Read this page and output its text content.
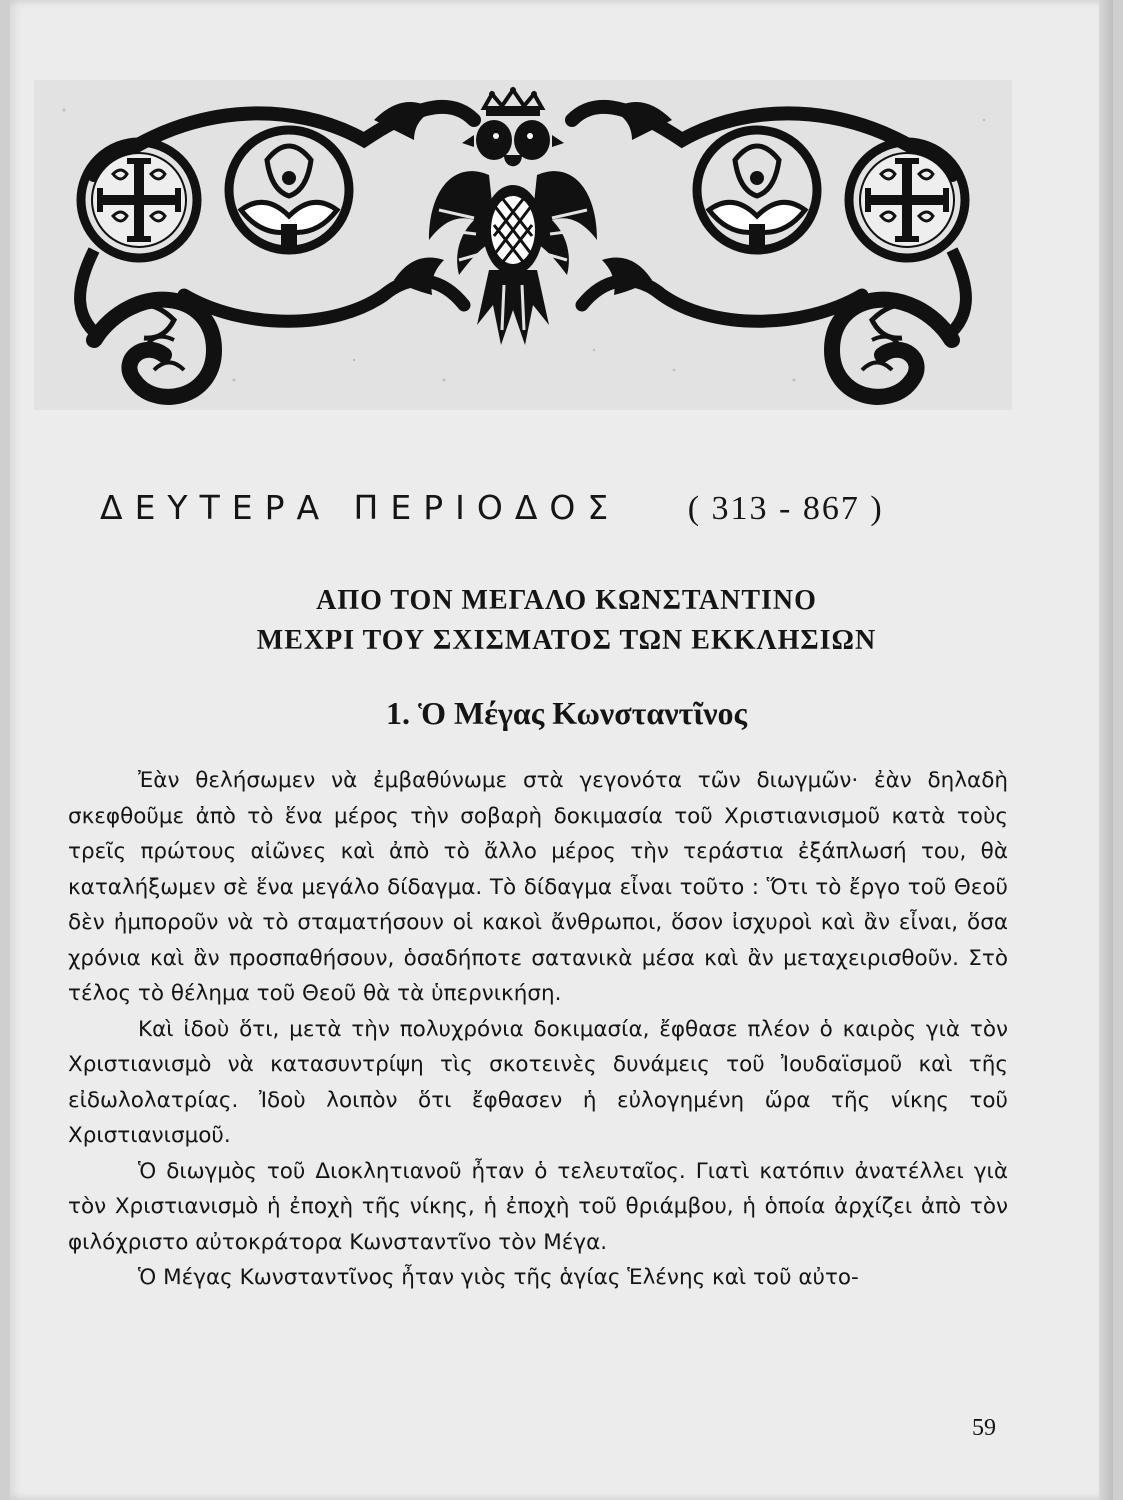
ΔΕΥΤΕΡΑ ΠΕΡΙΟΔΟΣ ( 313 - 867 )
ΑΠΟ ΤΟΝ ΜΕΓΑΛΟ ΚΩΝΣΤΑΝΤΙΝΟ
ΜΕΧΡΙ ΤΟΥ ΣΧΙΣΜΑΤΟΣ ΤΩΝ ΕΚΚΛΗΣΙΩΝ
1. Ὁ Μέγας Κωνσταντῖνος

Ἐὰν θελήσωμεν νὰ ἐμβαθύνωμε στὰ γεγονότα τῶν διωγμῶν· ἐὰν δηλαδὴ σκεφθοῦμε ἀπὸ τὸ ἕνα μέρος τὴν σοβαρὴ δοκιμασία τοῦ Χριστιανισμοῦ κατὰ τοὺς τρεῖς πρώτους αἰῶνες καὶ ἀπὸ τὸ ἄλλο μέρος τὴν τεράστια ἐξάπλωσή του, θὰ καταλήξωμεν σὲ ἕνα μεγάλο δίδαγμα. Τὸ δίδαγμα εἶναι τοῦτο : Ὅτι τὸ ἔργο τοῦ Θεοῦ δὲν ἠμποροῦν νὰ τὸ σταματήσουν οἱ κακοὶ ἄνθρωποι, ὅσον ἰσχυροὶ καὶ ἂν εἶναι, ὅσα χρόνια καὶ ἂν προσπαθήσουν, ὁσαδήποτε σατανικὰ μέσα καὶ ἂν μεταχειρισθοῦν. Στὸ τέλος τὸ θέλημα τοῦ Θεοῦ θὰ τὰ ὑπερνικήση.

Καὶ ἰδοὺ ὅτι, μετὰ τὴν πολυχρόνια δοκιμασία, ἔφθασε πλέον ὁ καιρὸς γιὰ τὸν Χριστιανισμὸ νὰ κατασυντρίψη τὶς σκοτεινὲς δυνάμεις τοῦ Ἰουδαϊσμοῦ καὶ τῆς εἰδωλολατρίας. Ἰδοὺ λοιπὸν ὅτι ἔφθασεν ἡ εὐλογημένη ὥρα τῆς νίκης τοῦ Χριστιανισμοῦ.

Ὁ διωγμὸς τοῦ Διοκλητιανοῦ ἦταν ὁ τελευταῖος. Γιατὶ κατόπιν ἀνατέλλει γιὰ τὸν Χριστιανισμὸ ἡ ἐποχὴ τῆς νίκης, ἡ ἐποχὴ τοῦ θριάμβου, ἡ ὁποία ἀρχίζει ἀπὸ τὸν φιλόχριστο αὐτοκράτορα Κωνσταντῖνο τὸν Μέγα.

Ὁ Μέγας Κωνσταντῖνος ἦταν γιὸς τῆς ἁγίας Ἑλένης καὶ τοῦ αὐτο-

59
